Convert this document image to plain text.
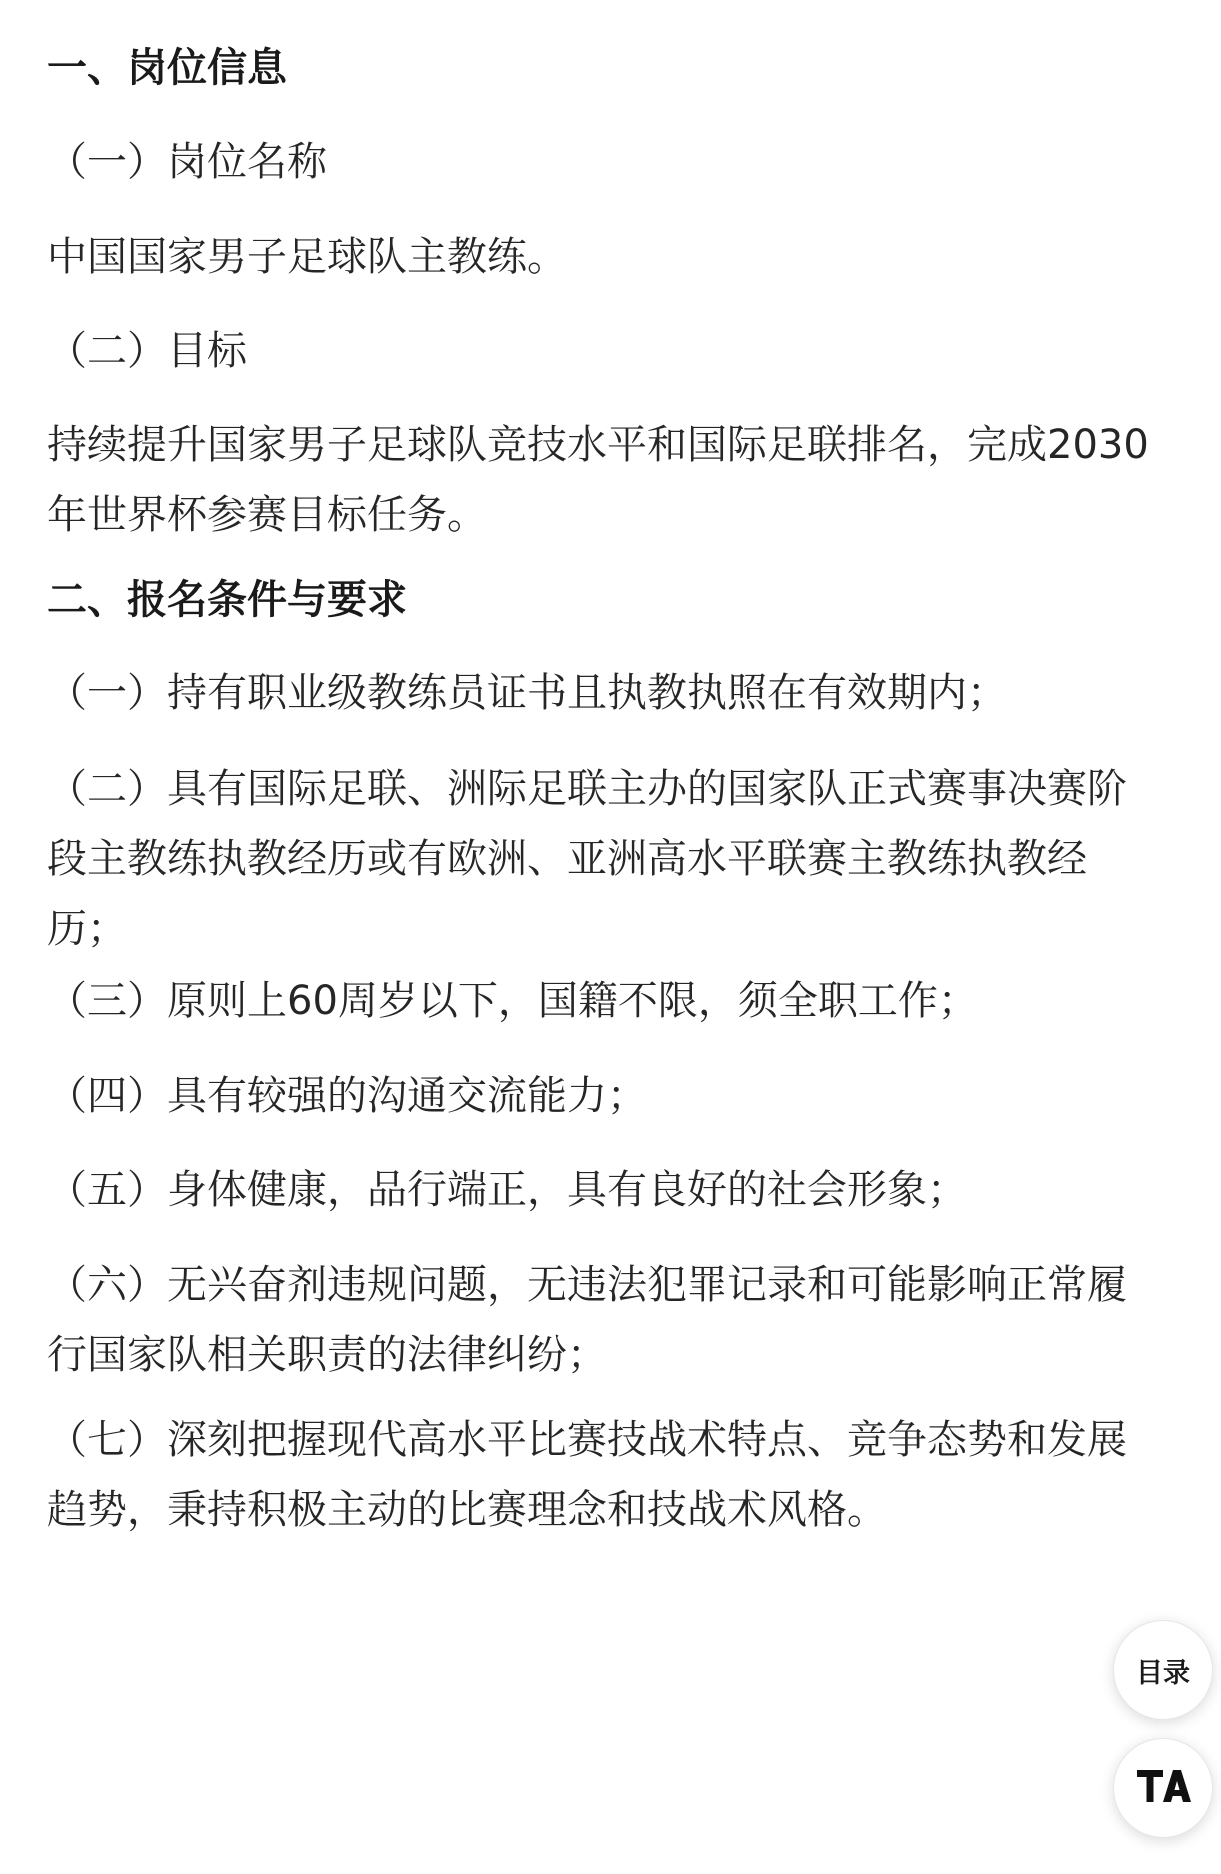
一、岗位信息

（一）岗位名称

中国国家男子足球队主教练。

（二）目标

持续提升国家男子足球队竞技水平和国际足联排名，完成2030
年世界杯参赛目标任务。

二、报名条件与要求

（一）持有职业级教练员证书且执教执照在有效期内；

（二）具有国际足联、洲际足联主办的国家队正式赛事决赛阶
段主教练执教经历或有欧洲、亚洲高水平联赛主教练执教经
历；

（三）原则上60周岁以下，国籍不限，须全职工作；

（四）具有较强的沟通交流能力；

（五）身体健康，品行端正，具有良好的社会形象；

（六）无兴奋剂违规问题，无违法犯罪记录和可能影响正常履
行国家队相关职责的法律纠纷；

（七）深刻把握现代高水平比赛技战术特点、竞争态势和发展
趋势，秉持积极主动的比赛理念和技战术风格。

目录
